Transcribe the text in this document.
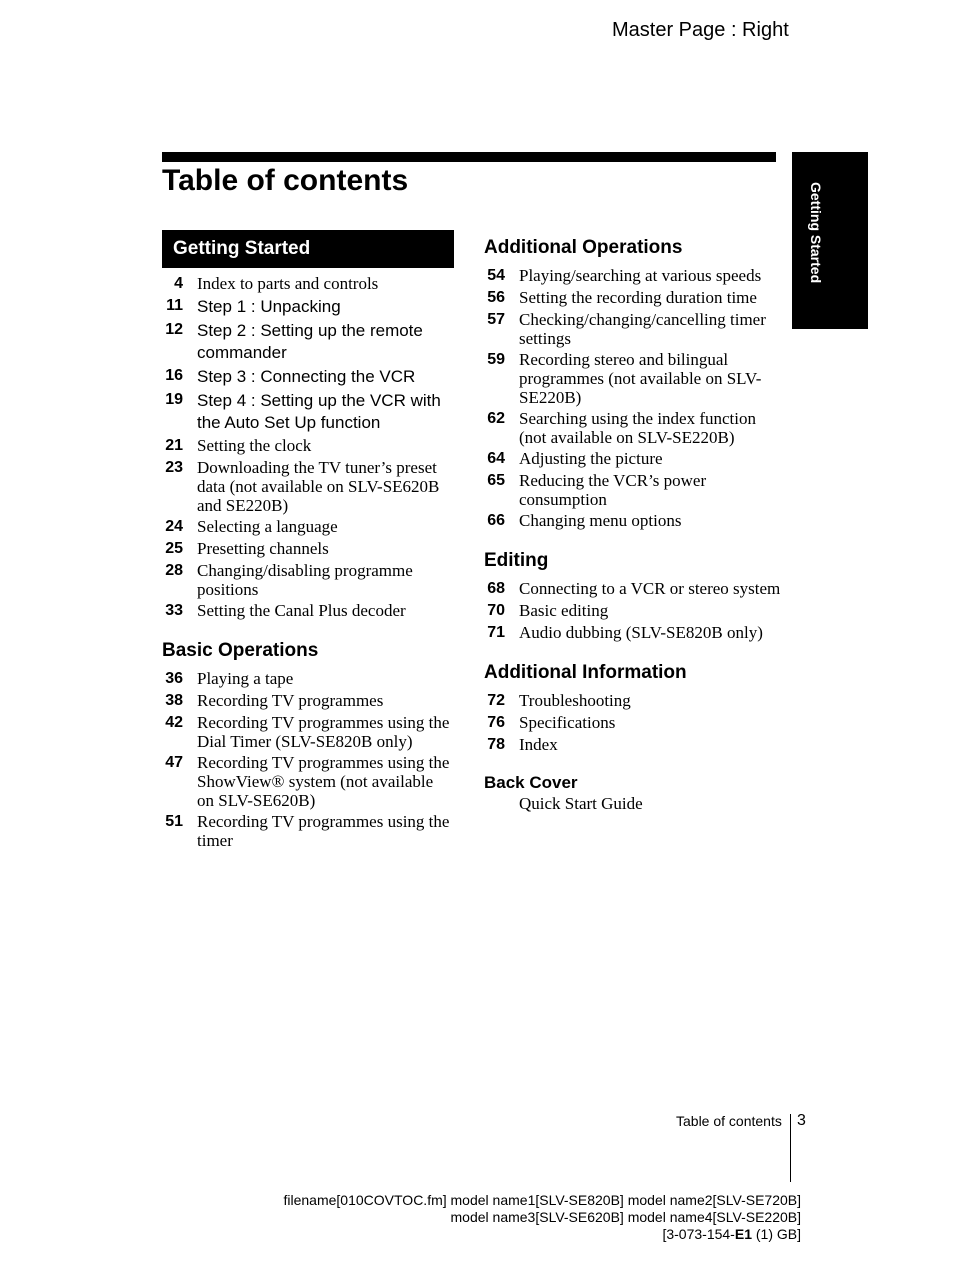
Master Page : Right
Table of contents
Getting Started
Getting Started
4 Index to parts and controls
11 Step 1 : Unpacking
12 Step 2 : Setting up the remote commander
16 Step 3 : Connecting the VCR
19 Step 4 : Setting up the VCR with the Auto Set Up function
21 Setting the clock
23 Downloading the TV tuner’s preset data (not available on SLV-SE620B and SE220B)
24 Selecting a language
25 Presetting channels
28 Changing/disabling programme positions
33 Setting the Canal Plus decoder
Basic Operations
36 Playing a tape
38 Recording TV programmes
42 Recording TV programmes using the Dial Timer (SLV-SE820B only)
47 Recording TV programmes using the ShowView® system (not available on SLV-SE620B)
51 Recording TV programmes using the timer
Additional Operations
54 Playing/searching at various speeds
56 Setting the recording duration time
57 Checking/changing/cancelling timer settings
59 Recording stereo and bilingual programmes (not available on SLV-SE220B)
62 Searching using the index function (not available on SLV-SE220B)
64 Adjusting the picture
65 Reducing the VCR’s power consumption
66 Changing menu options
Editing
68 Connecting to a VCR or stereo system
70 Basic editing
71 Audio dubbing (SLV-SE820B only)
Additional Information
72 Troubleshooting
76 Specifications
78 Index
Back Cover
Quick Start Guide
Table of contents 3
filename[010COVTOC.fm] model name1[SLV-SE820B] model name2[SLV-SE720B]
model name3[SLV-SE620B] model name4[SLV-SE220B]
[3-073-154-E1 (1) GB]
